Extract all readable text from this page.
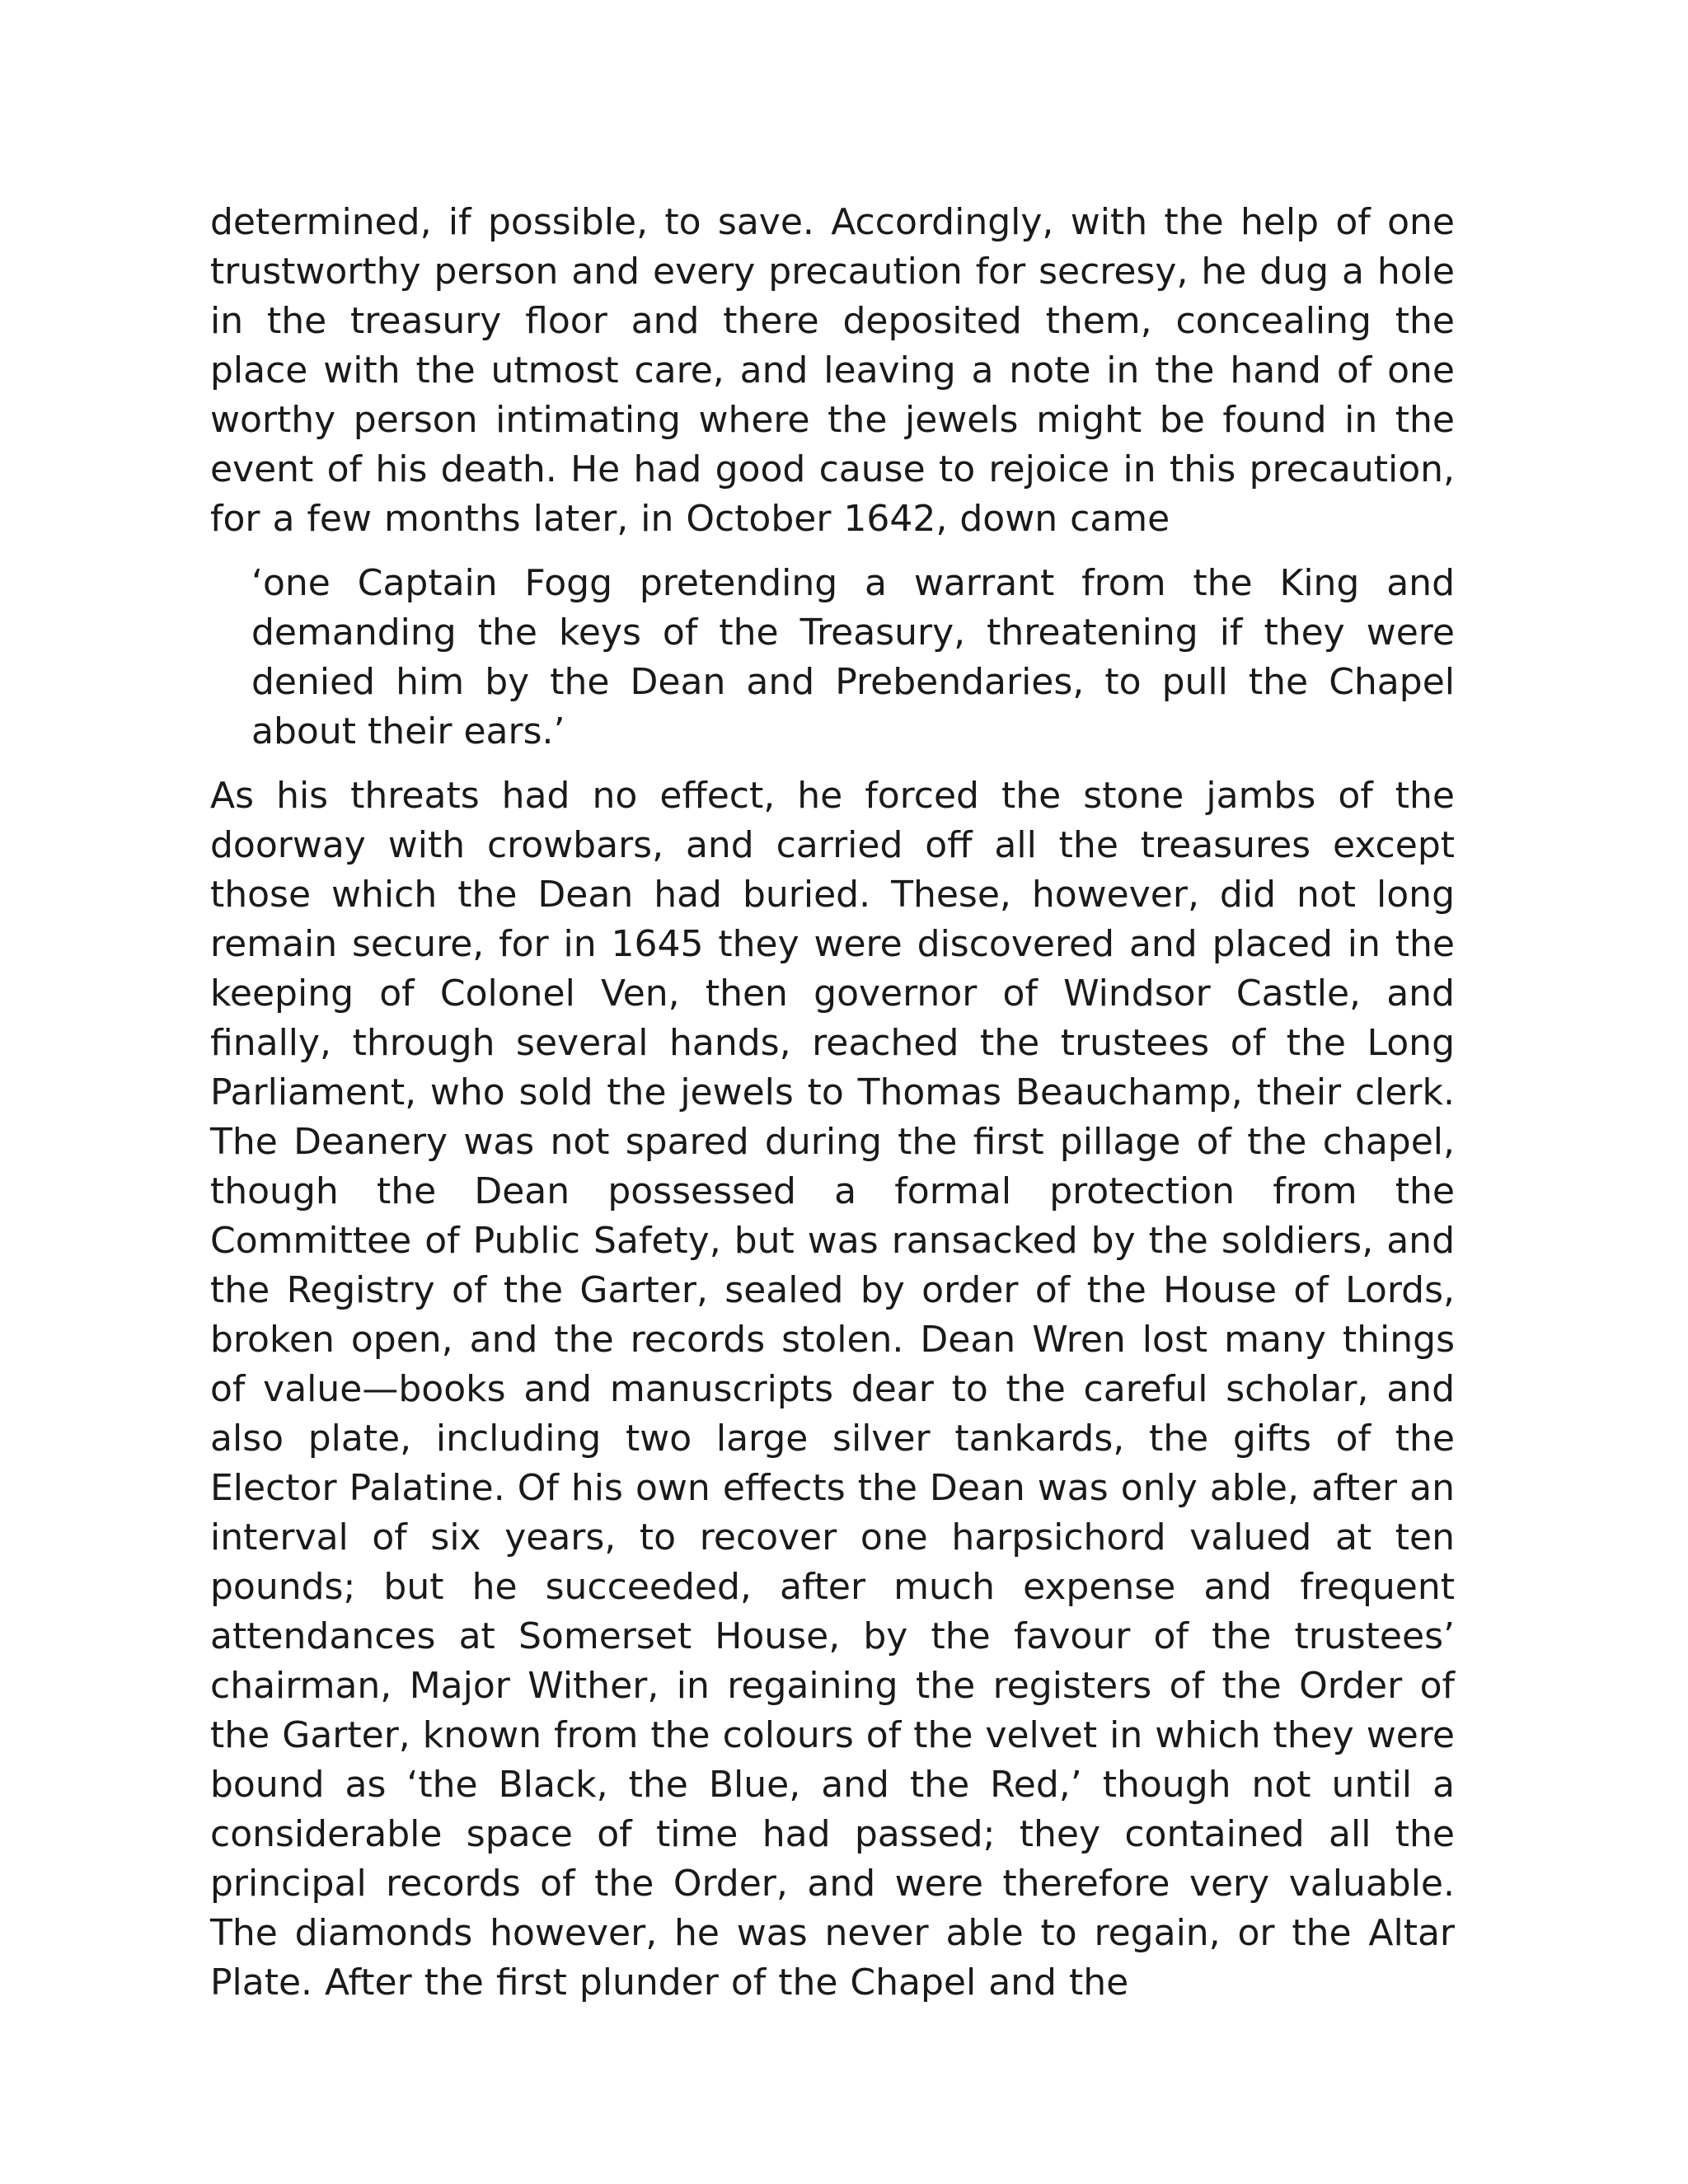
determined, if possible, to save. Accordingly, with the help of one trustworthy person and every precaution for secresy, he dug a hole in the treasury floor and there deposited them, concealing the place with the utmost care, and leaving a note in the hand of one worthy person intimating where the jewels might be found in the event of his death. He had good cause to rejoice in this precaution, for a few months later, in October 1642, down came

‘one Captain Fogg pretending a warrant from the King and demanding the keys of the Treasury, threatening if they were denied him by the Dean and Prebendaries, to pull the Chapel about their ears.’

As his threats had no effect, he forced the stone jambs of the doorway with crowbars, and carried off all the treasures except those which the Dean had buried. These, however, did not long remain secure, for in 1645 they were discovered and placed in the keeping of Colonel Ven, then governor of Windsor Castle, and finally, through several hands, reached the trustees of the Long Parliament, who sold the jewels to Thomas Beauchamp, their clerk. The Deanery was not spared during the first pillage of the chapel, though the Dean possessed a formal protection from the Committee of Public Safety, but was ransacked by the soldiers, and the Registry of the Garter, sealed by order of the House of Lords, broken open, and the records stolen. Dean Wren lost many things of value—books and manuscripts dear to the careful scholar, and also plate, including two large silver tankards, the gifts of the Elector Palatine. Of his own effects the Dean was only able, after an interval of six years, to recover one harpsichord valued at ten pounds; but he succeeded, after much expense and frequent attendances at Somerset House, by the favour of the trustees’ chairman, Major Wither, in regaining the registers of the Order of the Garter, known from the colours of the velvet in which they were bound as ‘the Black, the Blue, and the Red,’ though not until a considerable space of time had passed; they contained all the principal records of the Order, and were therefore very valuable. The diamonds however, he was never able to regain, or the Altar Plate. After the first plunder of the Chapel and the
